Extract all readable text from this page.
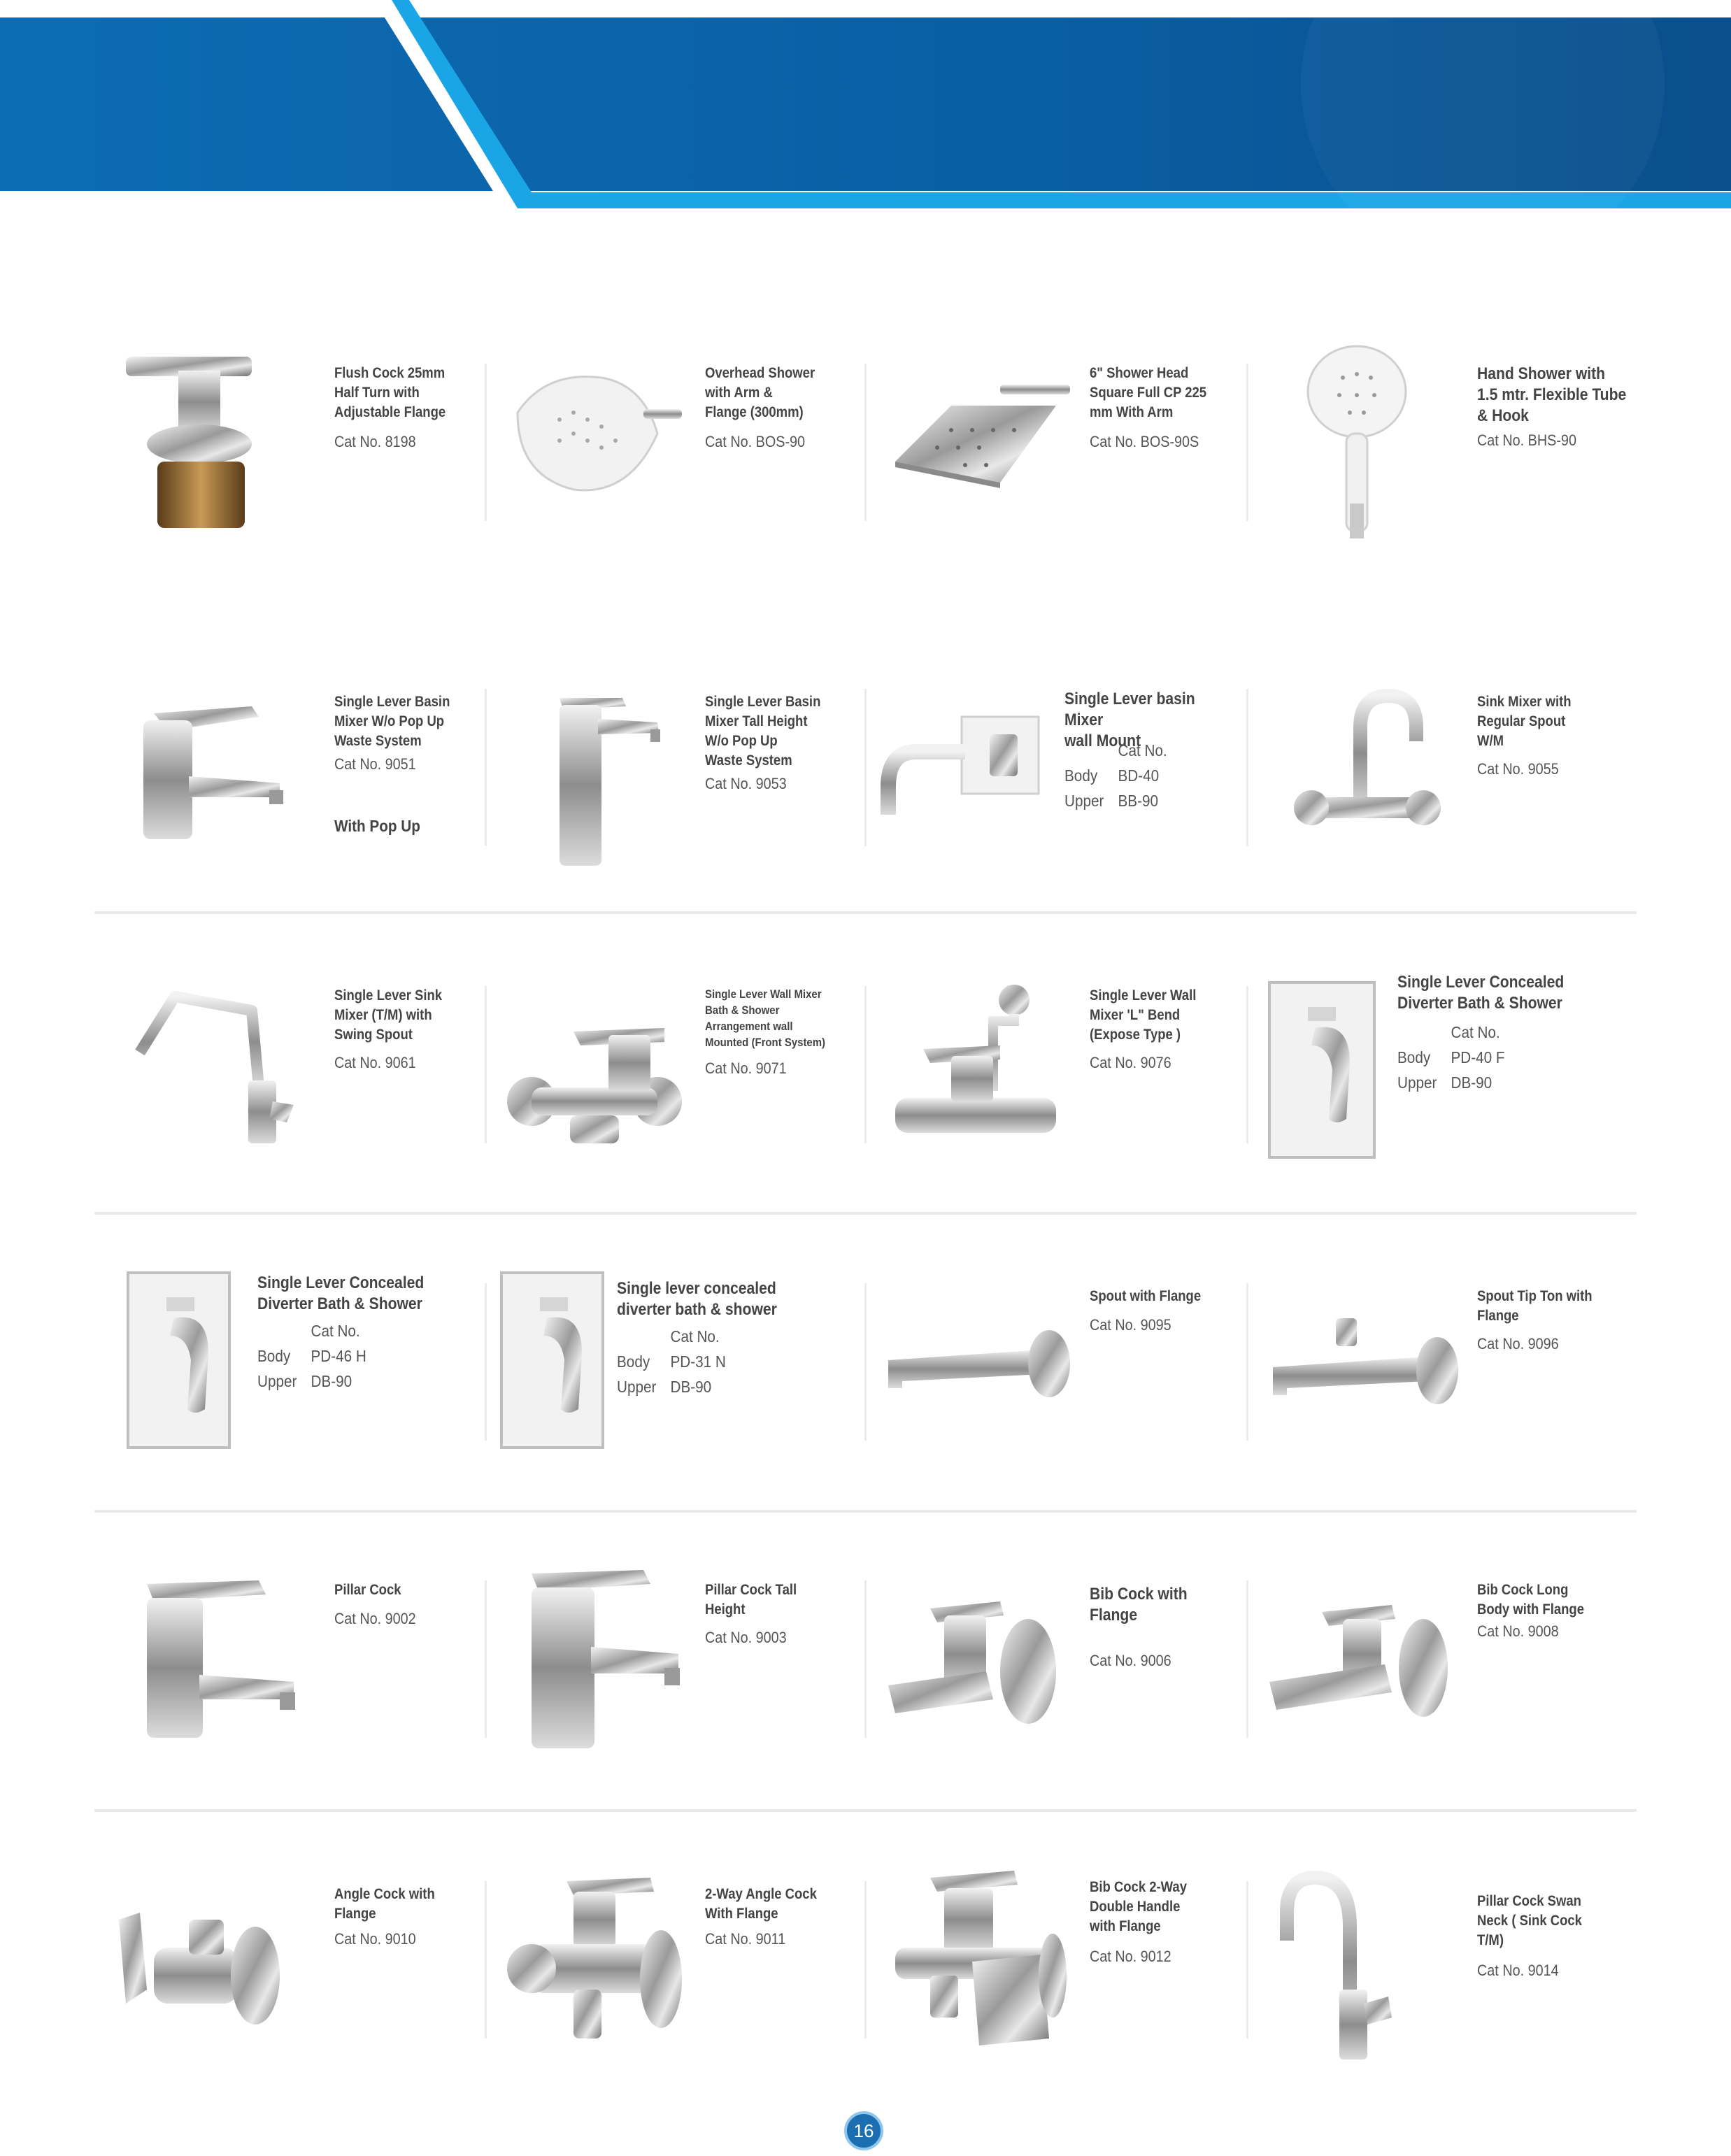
Flush Cock 25mm
Half Turn with
Adjustable Flange
Cat No. 8198
Overhead Shower
with Arm &
Flange (300mm)
Cat No. BOS-90
6" Shower Head
Square Full CP 225
mm With Arm
Cat No. BOS-90S
Hand Shower with
1.5 mtr. Flexible Tube
& Hook
Cat No. BHS-90
Single Lever Basin
Mixer W/o Pop Up
Waste System
Cat No. 9051
With Pop Up
Single Lever Basin
Mixer Tall Height
W/o Pop Up
Waste System
Cat No. 9053
Single Lever basin Mixer
wall Mount
Cat No.
Body BD-40
Upper BB-90
Sink Mixer with
Regular Spout
W/M
Cat No. 9055
Single Lever Sink
Mixer (T/M) with
Swing Spout
Cat No. 9061
Single Lever Wall Mixer
Bath & Shower
Arrangement wall
Mounted (Front System)
Cat No. 9071
Single Lever Wall
Mixer 'L" Bend
(Expose Type )
Cat No. 9076
Single Lever Concealed
Diverter Bath & Shower
Cat No.
Body PD-40 F
Upper DB-90
Single Lever Concealed
Diverter Bath & Shower
Cat No.
Body PD-46 H
Upper DB-90
Single lever concealed
diverter bath & shower
Cat No.
Body PD-31 N
Upper DB-90
Spout with Flange
Cat No. 9095
Spout Tip Ton with
Flange
Cat No. 9096
Pillar Cock
Cat No. 9002
Pillar Cock Tall
Height
Cat No. 9003
Bib Cock with
Flange
Cat No. 9006
Bib Cock Long
Body with Flange
Cat No. 9008
Angle Cock with
Flange
Cat No. 9010
2-Way Angle Cock
With Flange
Cat No. 9011
Bib Cock 2-Way
Double Handle
with Flange
Cat No. 9012
Pillar Cock Swan
Neck ( Sink Cock
T/M)
Cat No. 9014
16
